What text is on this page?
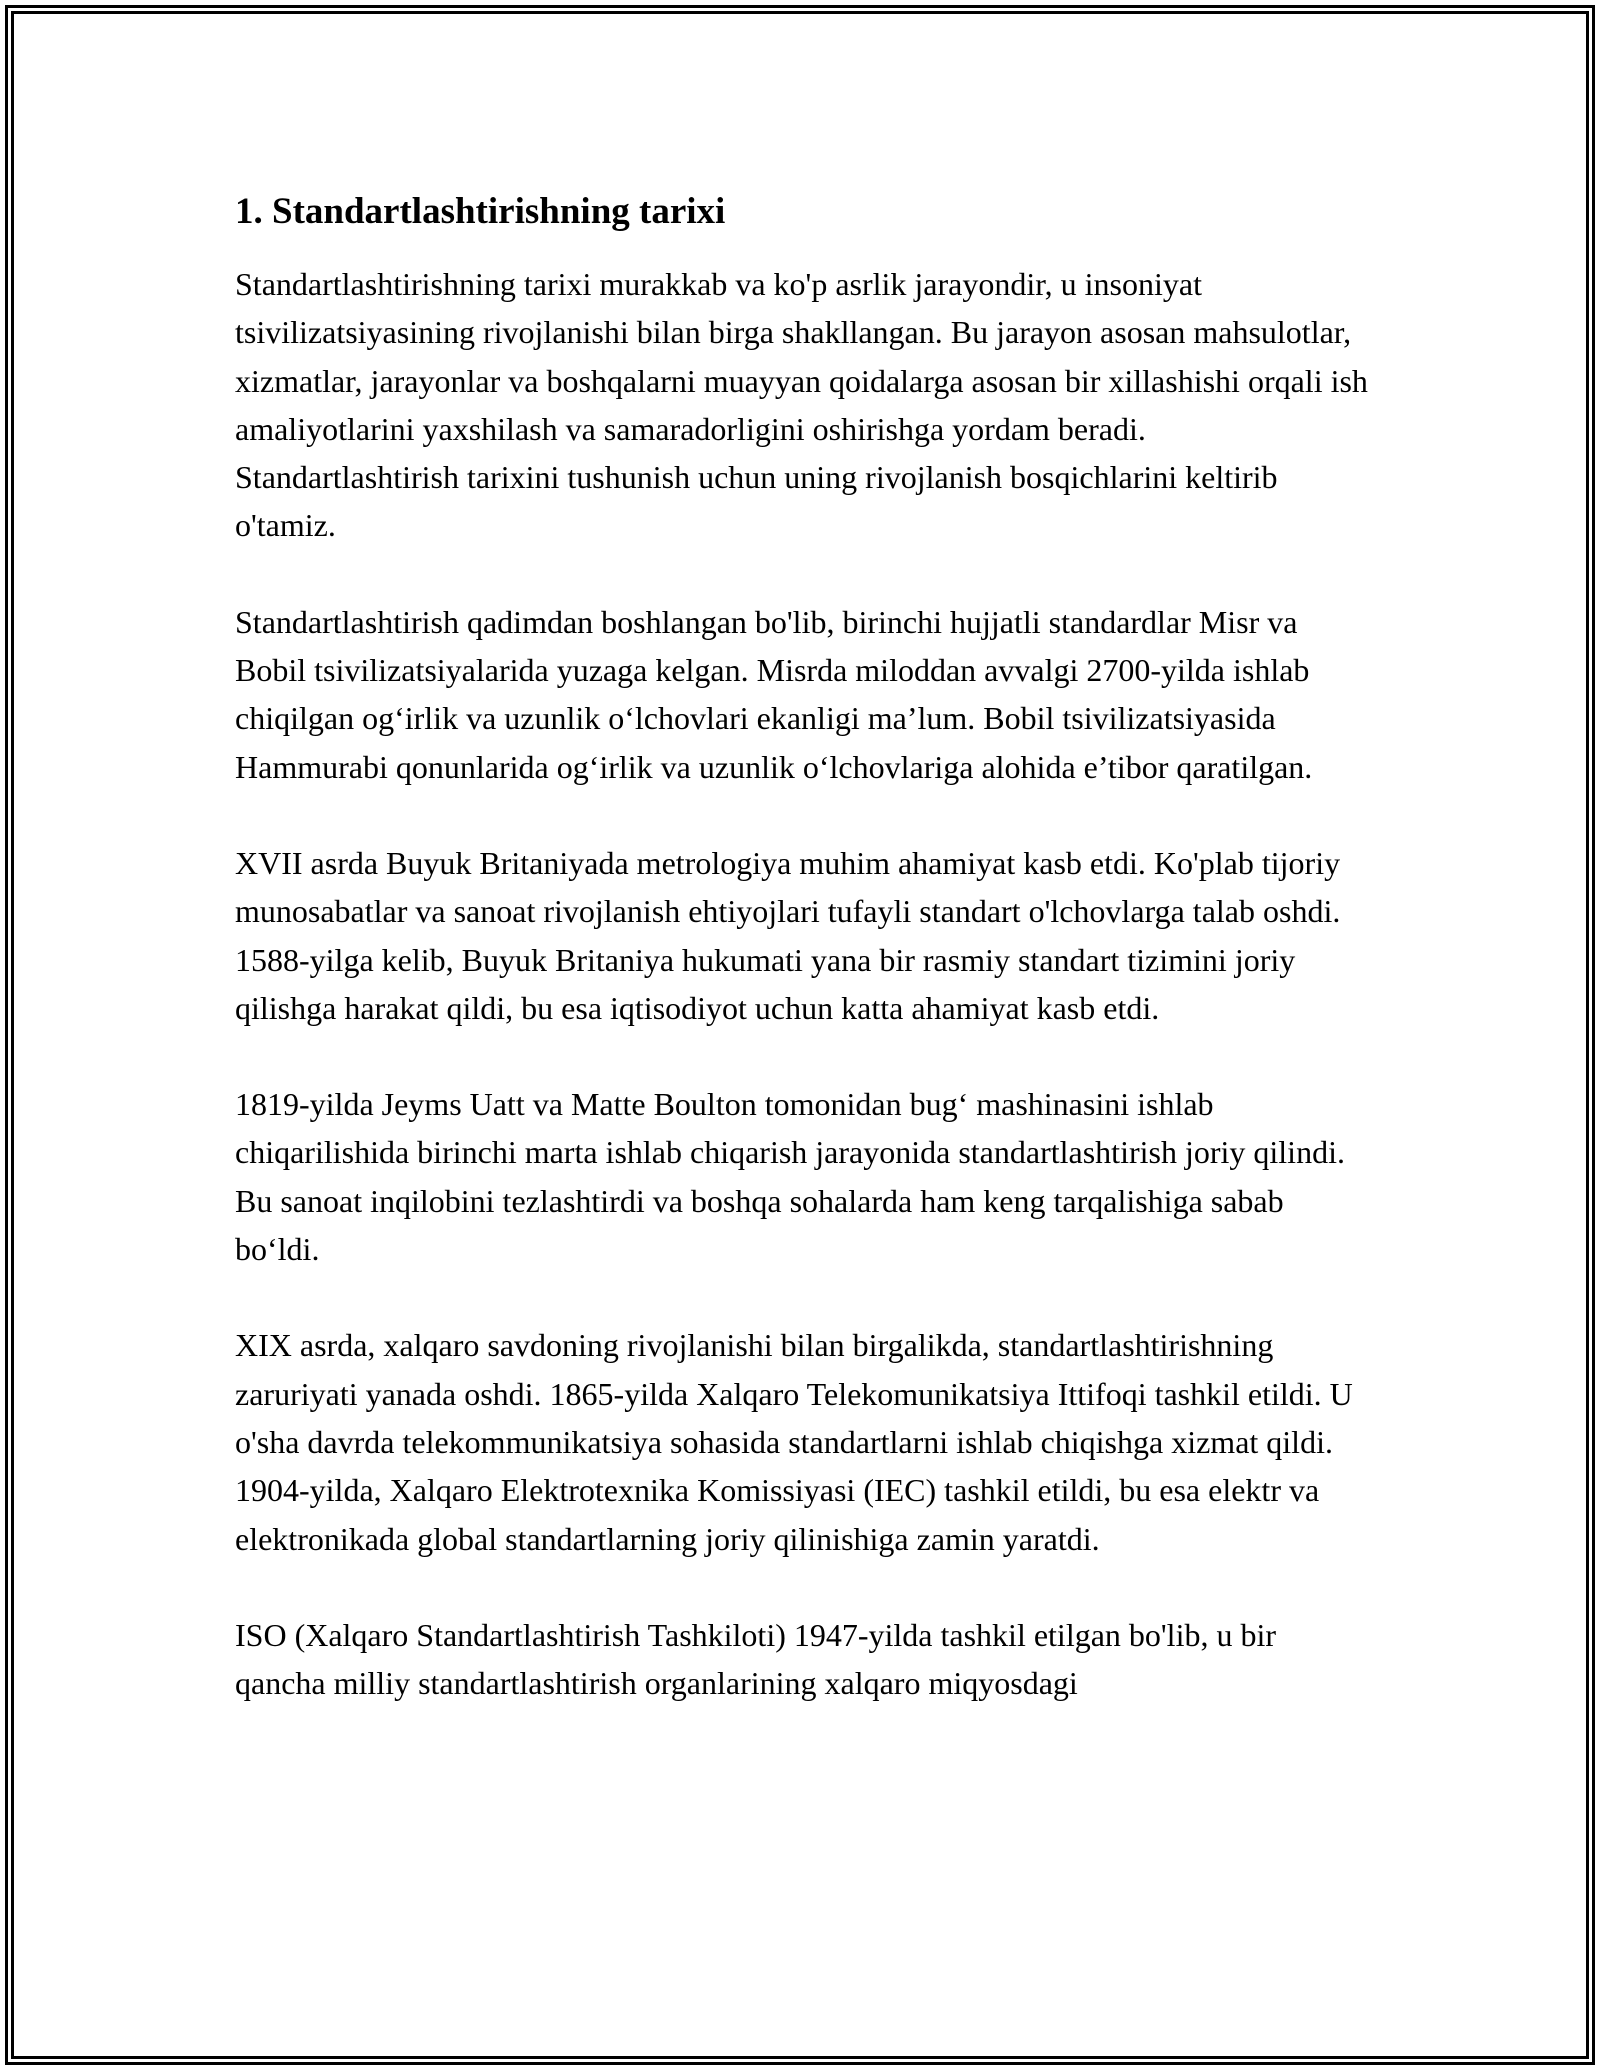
1. Standartlashtirishning tarixi

Standartlashtirishning tarixi murakkab va ko'p asrlik jarayondir, u insoniyat tsivilizatsiyasining rivojlanishi bilan birga shakllangan. Bu jarayon asosan mahsulotlar, xizmatlar, jarayonlar va boshqalarni muayyan qoidalarga asosan bir xillashishi orqali ish amaliyotlarini yaxshilash va samaradorligini oshirishga yordam beradi. Standartlashtirish tarixini tushunish uchun uning rivojlanish bosqichlarini keltirib o'tamiz.

Standartlashtirish qadimdan boshlangan bo'lib, birinchi hujjatli standardlar Misr va Bobil tsivilizatsiyalarida yuzaga kelgan. Misrda miloddan avvalgi 2700-yilda ishlab chiqilgan og‘irlik va uzunlik o‘lchovlari ekanligi ma’lum. Bobil tsivilizatsiyasida Hammurabi qonunlarida og‘irlik va uzunlik o‘lchovlariga alohida e’tibor qaratilgan.

XVII asrda Buyuk Britaniyada metrologiya muhim ahamiyat kasb etdi. Ko'plab tijoriy munosabatlar va sanoat rivojlanish ehtiyojlari tufayli standart o'lchovlarga talab oshdi. 1588-yilga kelib, Buyuk Britaniya hukumati yana bir rasmiy standart tizimini joriy qilishga harakat qildi, bu esa iqtisodiyot uchun katta ahamiyat kasb etdi.

1819-yilda Jeyms Uatt va Matte Boulton tomonidan bug‘ mashinasini ishlab chiqarilishida birinchi marta ishlab chiqarish jarayonida standartlashtirish joriy qilindi. Bu sanoat inqilobini tezlashtirdi va boshqa sohalarda ham keng tarqalishiga sabab bo‘ldi.

XIX asrda, xalqaro savdoning rivojlanishi bilan birgalikda, standartlashtirishning zaruriyati yanada oshdi. 1865-yilda Xalqaro Telekomunikatsiya Ittifoqi tashkil etildi. U o'sha davrda telekommunikatsiya sohasida standartlarni ishlab chiqishga xizmat qildi. 1904-yilda, Xalqaro Elektrotexnika Komissiyasi (IEC) tashkil etildi, bu esa elektr va elektronikada global standartlarning joriy qilinishiga zamin yaratdi.

ISO (Xalqaro Standartlashtirish Tashkiloti) 1947-yilda tashkil etilgan bo'lib, u bir qancha milliy standartlashtirish organlarining xalqaro miqyosdagi
